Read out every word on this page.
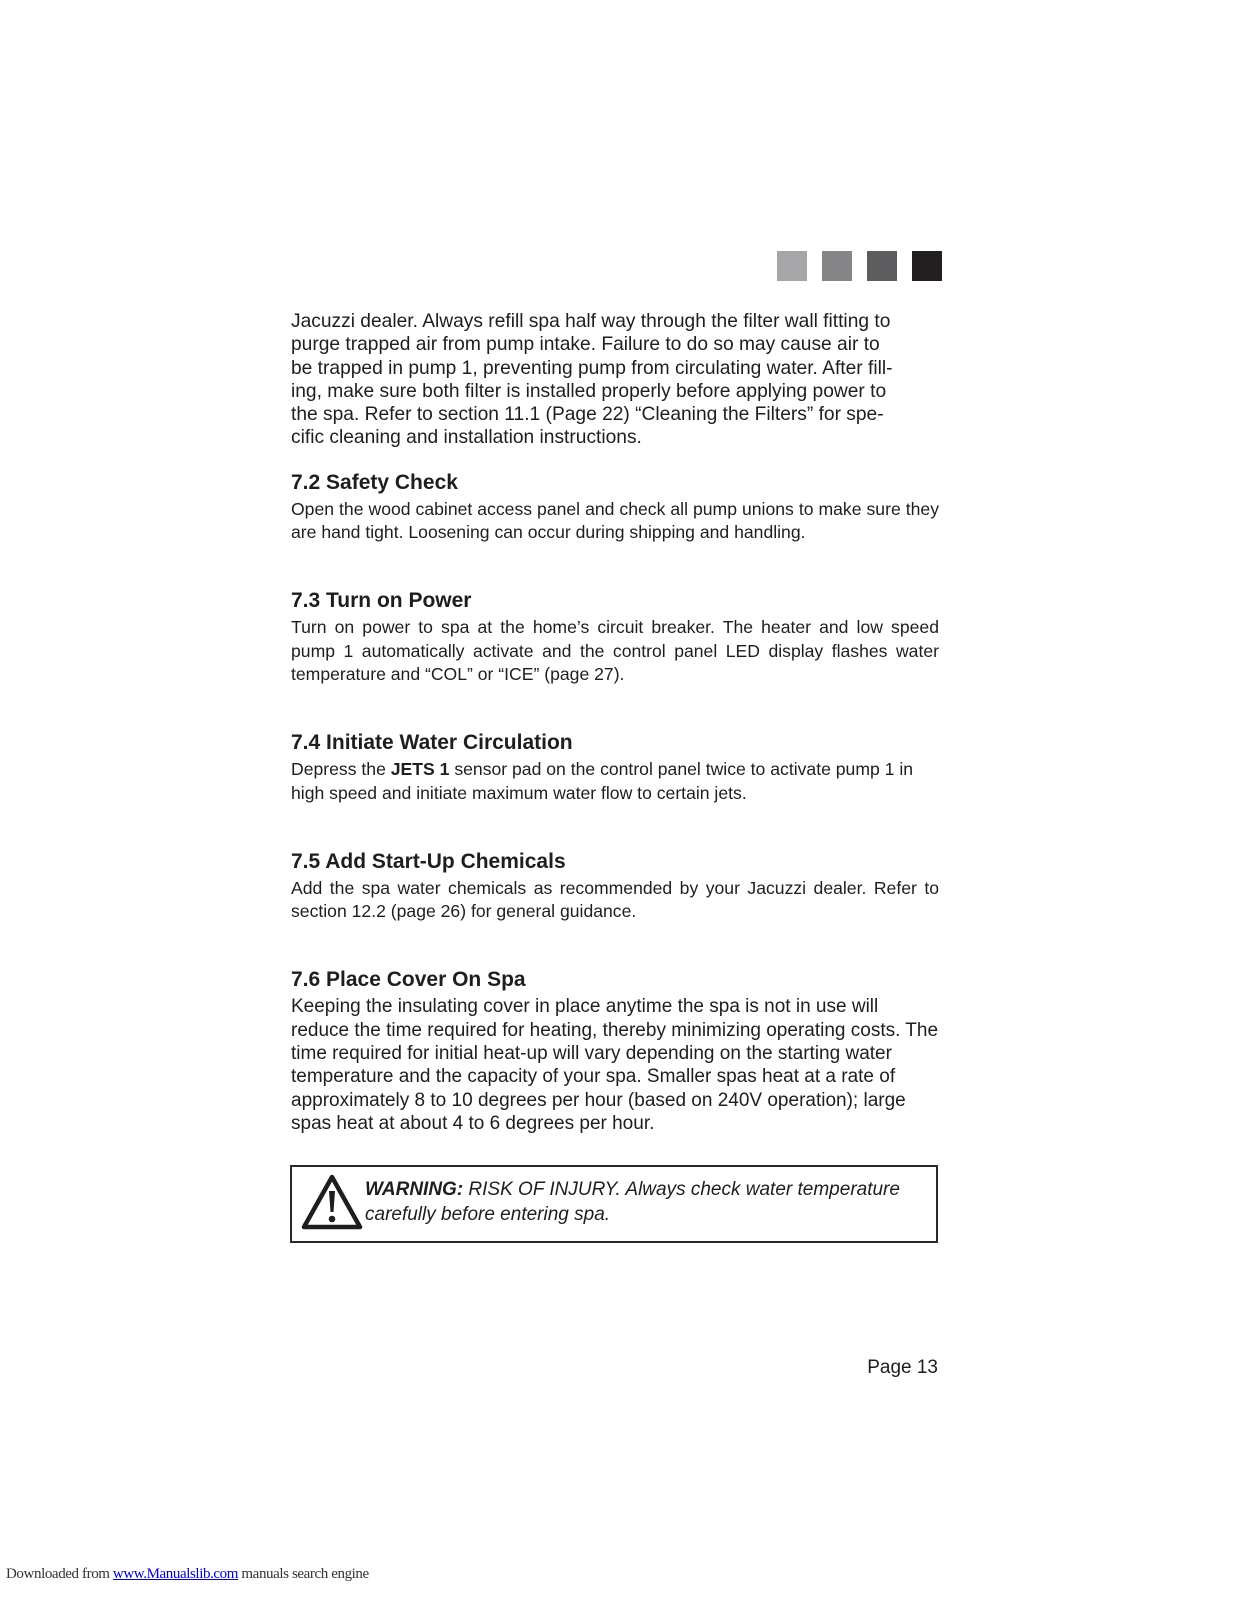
Jacuzzi dealer. Always refill spa half way through the filter wall fitting to
purge trapped air from pump intake. Failure to do so may cause air to
be trapped in pump 1, preventing pump from circulating water. After fill-
ing, make sure both filter is installed properly before applying power to
the spa. Refer to section 11.1 (Page 22) “Cleaning the Filters” for spe-
cific cleaning and installation instructions.

7.2 Safety Check

Open the wood cabinet access panel and check all pump unions to make sure they are hand tight. Loosening can occur during shipping and handling.

7.3 Turn on Power

Turn on power to spa at the home’s circuit breaker. The heater and low speed pump 1 automatically activate and the control panel LED display flashes water temperature and “COL” or “ICE” (page 27).

7.4 Initiate Water Circulation

Depress the JETS 1 sensor pad on the control panel twice to activate pump 1 in high speed and initiate maximum water flow to certain jets.

7.5 Add Start-Up Chemicals

Add the spa water chemicals as recommended by your Jacuzzi dealer. Refer to section 12.2 (page 26) for general guidance.

7.6 Place Cover On Spa

Keeping the insulating cover in place anytime the spa is not in use will reduce the time required for heating, thereby minimizing operating costs. The time required for initial heat-up will vary depending on the starting water temperature and the capacity of your spa. Smaller spas heat at a rate of approximately 8 to 10 degrees per hour (based on 240V operation); large spas heat at about 4 to 6 degrees per hour.

WARNING: RISK OF INJURY. Always check water temperature carefully before entering spa.

Page 13
Downloaded from www.Manualslib.com manuals search engine
